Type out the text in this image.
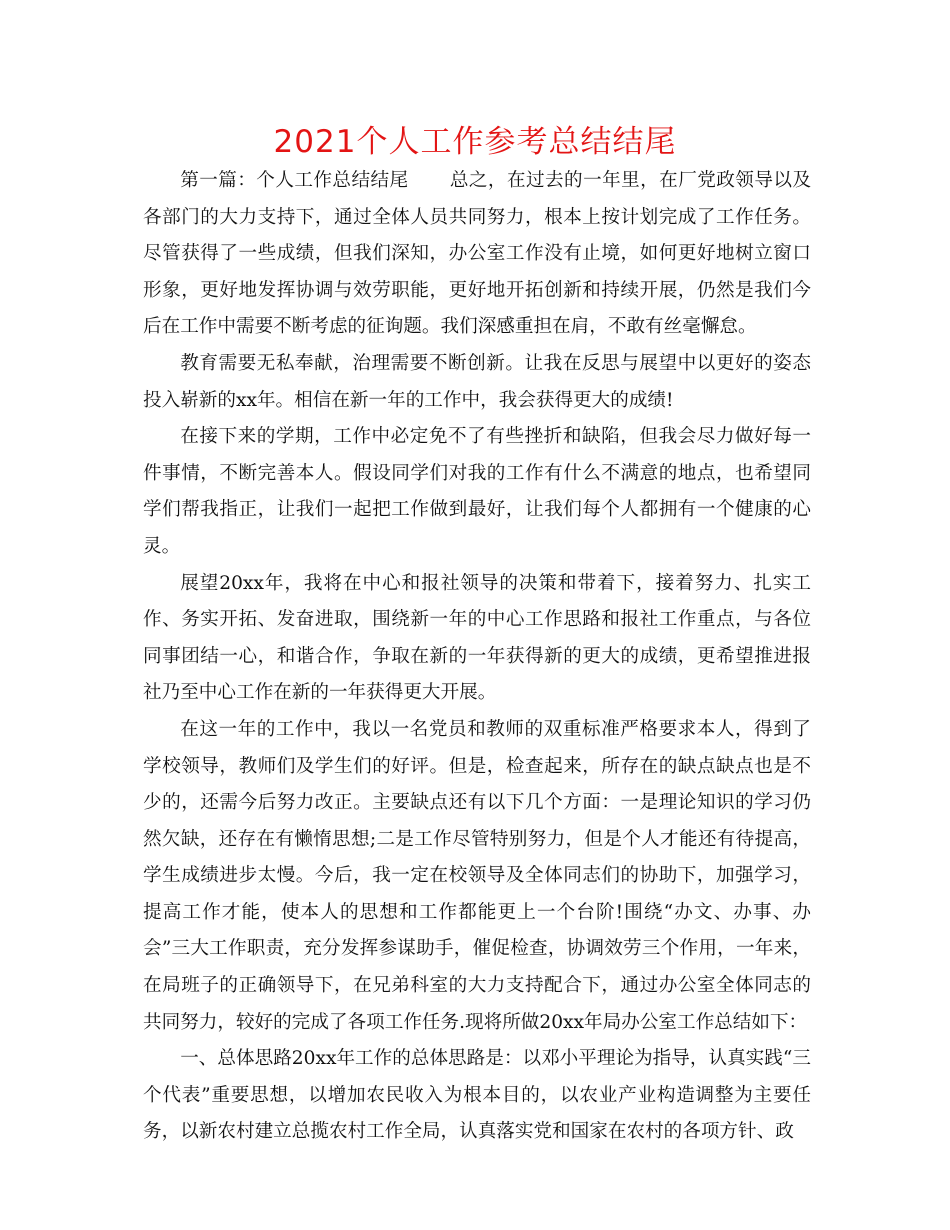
2021个人工作参考总结结尾

第一篇：个人工作总结结尾 总之，在过去的一年里，在厂党政领导以及各部门的大力支持下，通过全体人员共同努力，根本上按计划完成了工作任务。尽管获得了一些成绩，但我们深知，办公室工作没有止境，如何更好地树立窗口形象，更好地发挥协调与效劳职能，更好地开拓创新和持续开展，仍然是我们今后在工作中需要不断考虑的征询题。我们深感重担在肩，不敢有丝毫懈怠。

教育需要无私奉献，治理需要不断创新。让我在反思与展望中以更好的姿态投入崭新的xx年。相信在新一年的工作中，我会获得更大的成绩!

在接下来的学期，工作中必定免不了有些挫折和缺陷，但我会尽力做好每一件事情，不断完善本人。假设同学们对我的工作有什么不满意的地点，也希望同学们帮我指正，让我们一起把工作做到最好，让我们每个人都拥有一个健康的心灵。

展望20xx年，我将在中心和报社领导的决策和带着下，接着努力、扎实工作、务实开拓、发奋进取，围绕新一年的中心工作思路和报社工作重点，与各位同事团结一心，和谐合作，争取在新的一年获得新的更大的成绩，更希望推进报社乃至中心工作在新的一年获得更大开展。

在这一年的工作中，我以一名党员和教师的双重标准严格要求本人，得到了学校领导，教师们及学生们的好评。但是，检查起来，所存在的缺点缺点也是不少的，还需今后努力改正。主要缺点还有以下几个方面：一是理论知识的学习仍然欠缺，还存在有懒惰思想;二是工作尽管特别努力，但是个人才能还有待提高，学生成绩进步太慢。今后，我一定在校领导及全体同志们的协助下，加强学习，提高工作才能，使本人的思想和工作都能更上一个台阶!围绕“办文、办事、办会”三大工作职责，充分发挥参谋助手，催促检查，协调效劳三个作用，一年来，在局班子的正确领导下，在兄弟科室的大力支持配合下，通过办公室全体同志的共同努力，较好的完成了各项工作任务.现将所做20xx年局办公室工作总结如下：

一、总体思路20xx年工作的总体思路是：以邓小平理论为指导，认真实践“三个代表”重要思想，以增加农民收入为根本目的，以农业产业构造调整为主要任务，以新农村建立总揽农村工作全局，认真落实党和国家在农村的各项方针、政
